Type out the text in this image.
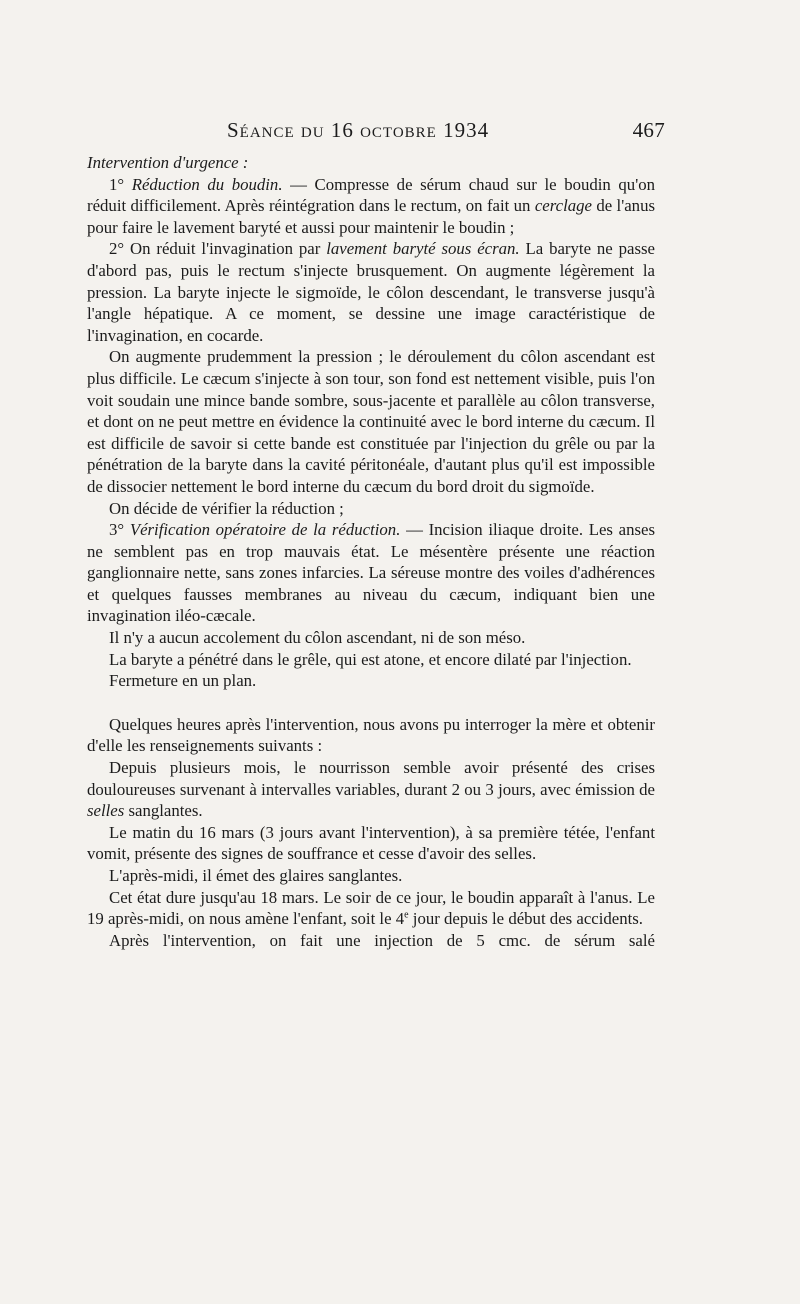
Séance du 16 octobre 1934	467

Intervention d'urgence :

1° Réduction du boudin. — Compresse de sérum chaud sur le boudin qu'on réduit difficilement. Après réintégration dans le rectum, on fait un cerclage de l'anus pour faire le lavement baryté et aussi pour maintenir le boudin ;

2° On réduit l'invagination par lavement baryté sous écran. La baryte ne passe d'abord pas, puis le rectum s'injecte brusquement. On augmente légèrement la pression. La baryte injecte le sigmoïde, le côlon descendant, le transverse jusqu'à l'angle hépatique. A ce moment, se dessine une image caractéristique de l'invagination, en cocarde.

On augmente prudemment la pression ; le déroulement du côlon ascendant est plus difficile. Le cæcum s'injecte à son tour, son fond est nettement visible, puis l'on voit soudain une mince bande sombre, sous-jacente et parallèle au côlon transverse, et dont on ne peut mettre en évidence la continuité avec le bord interne du cæcum. Il est difficile de savoir si cette bande est constituée par l'injection du grêle ou par la pénétration de la baryte dans la cavité péritonéale, d'autant plus qu'il est impossible de dissocier nettement le bord interne du cæcum du bord droit du sigmoïde.

On décide de vérifier la réduction ;

3° Vérification opératoire de la réduction. — Incision iliaque droite. Les anses ne semblent pas en trop mauvais état. Le mésentère présente une réaction ganglionnaire nette, sans zones infarcies. La séreuse montre des voiles d'adhérences et quelques fausses membranes au niveau du cæcum, indiquant bien une invagination iléo-cæcale.

Il n'y a aucun accolement du côlon ascendant, ni de son méso.

La baryte a pénétré dans le grêle, qui est atone, et encore dilaté par l'injection.

Fermeture en un plan.

Quelques heures après l'intervention, nous avons pu interroger la mère et obtenir d'elle les renseignements suivants :

Depuis plusieurs mois, le nourrisson semble avoir présenté des crises douloureuses survenant à intervalles variables, durant 2 ou 3 jours, avec émission de selles sanglantes.

Le matin du 16 mars (3 jours avant l'intervention), à sa première tétée, l'enfant vomit, présente des signes de souffrance et cesse d'avoir des selles.

L'après-midi, il émet des glaires sanglantes.

Cet état dure jusqu'au 18 mars. Le soir de ce jour, le boudin apparaît à l'anus. Le 19 après-midi, on nous amène l'enfant, soit le 4e jour depuis le début des accidents.

Après l'intervention, on fait une injection de 5 cmc. de sérum salé
